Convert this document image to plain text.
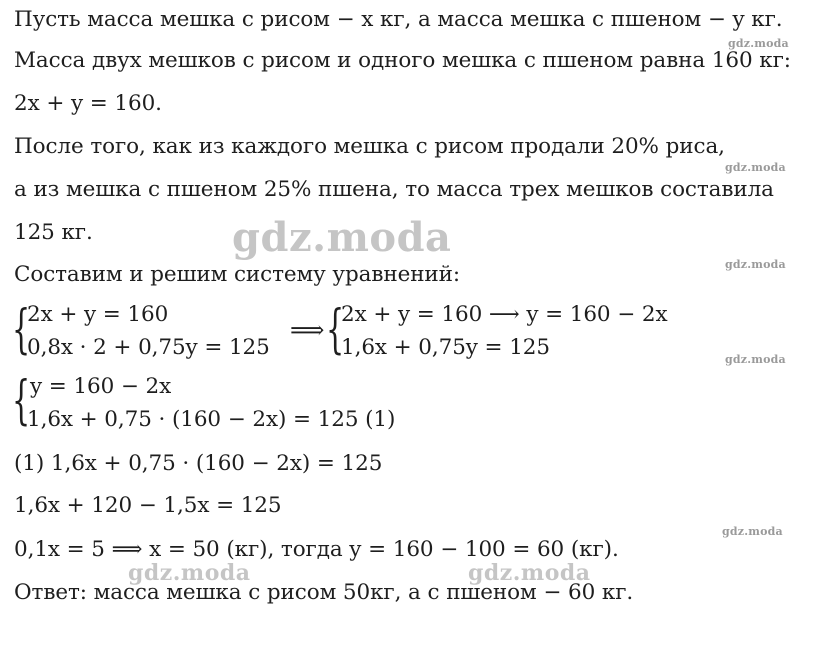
Пусть масса мешка с рисом − x кг, а масса мешка с пшеном − y кг.
Масса двух мешков с рисом и одного мешка с пшеном равна 160 кг:
2x + y = 160.
После того, как из каждого мешка с рисом продали 20% риса,
а из мешка с пшеном 25% пшена, то масса трех мешков составила
125 кг.
Составим и решим систему уравнений:
{
2x + y = 160
0,8x · 2 + 0,75y = 125
⟹ {
2x + y = 160 ⟶ y = 160 − 2x
1,6x + 0,75y = 125
{ y = 160 − 2x
1,6x + 0,75 · (160 − 2x) = 125 (1)
(1) 1,6x + 0,75 · (160 − 2x) = 125
1,6x + 120 − 1,5x = 125
0,1x = 5 ⟹ x = 50 (кг), тогда y = 160 − 100 = 60 (кг).
Ответ: масса мешка с рисом 50кг, а с пшеном − 60 кг.
gdz.moda
gdz.moda
gdz.moda
gdz.moda
gdz.moda
gdz.moda
gdz.moda	gdz.moda
